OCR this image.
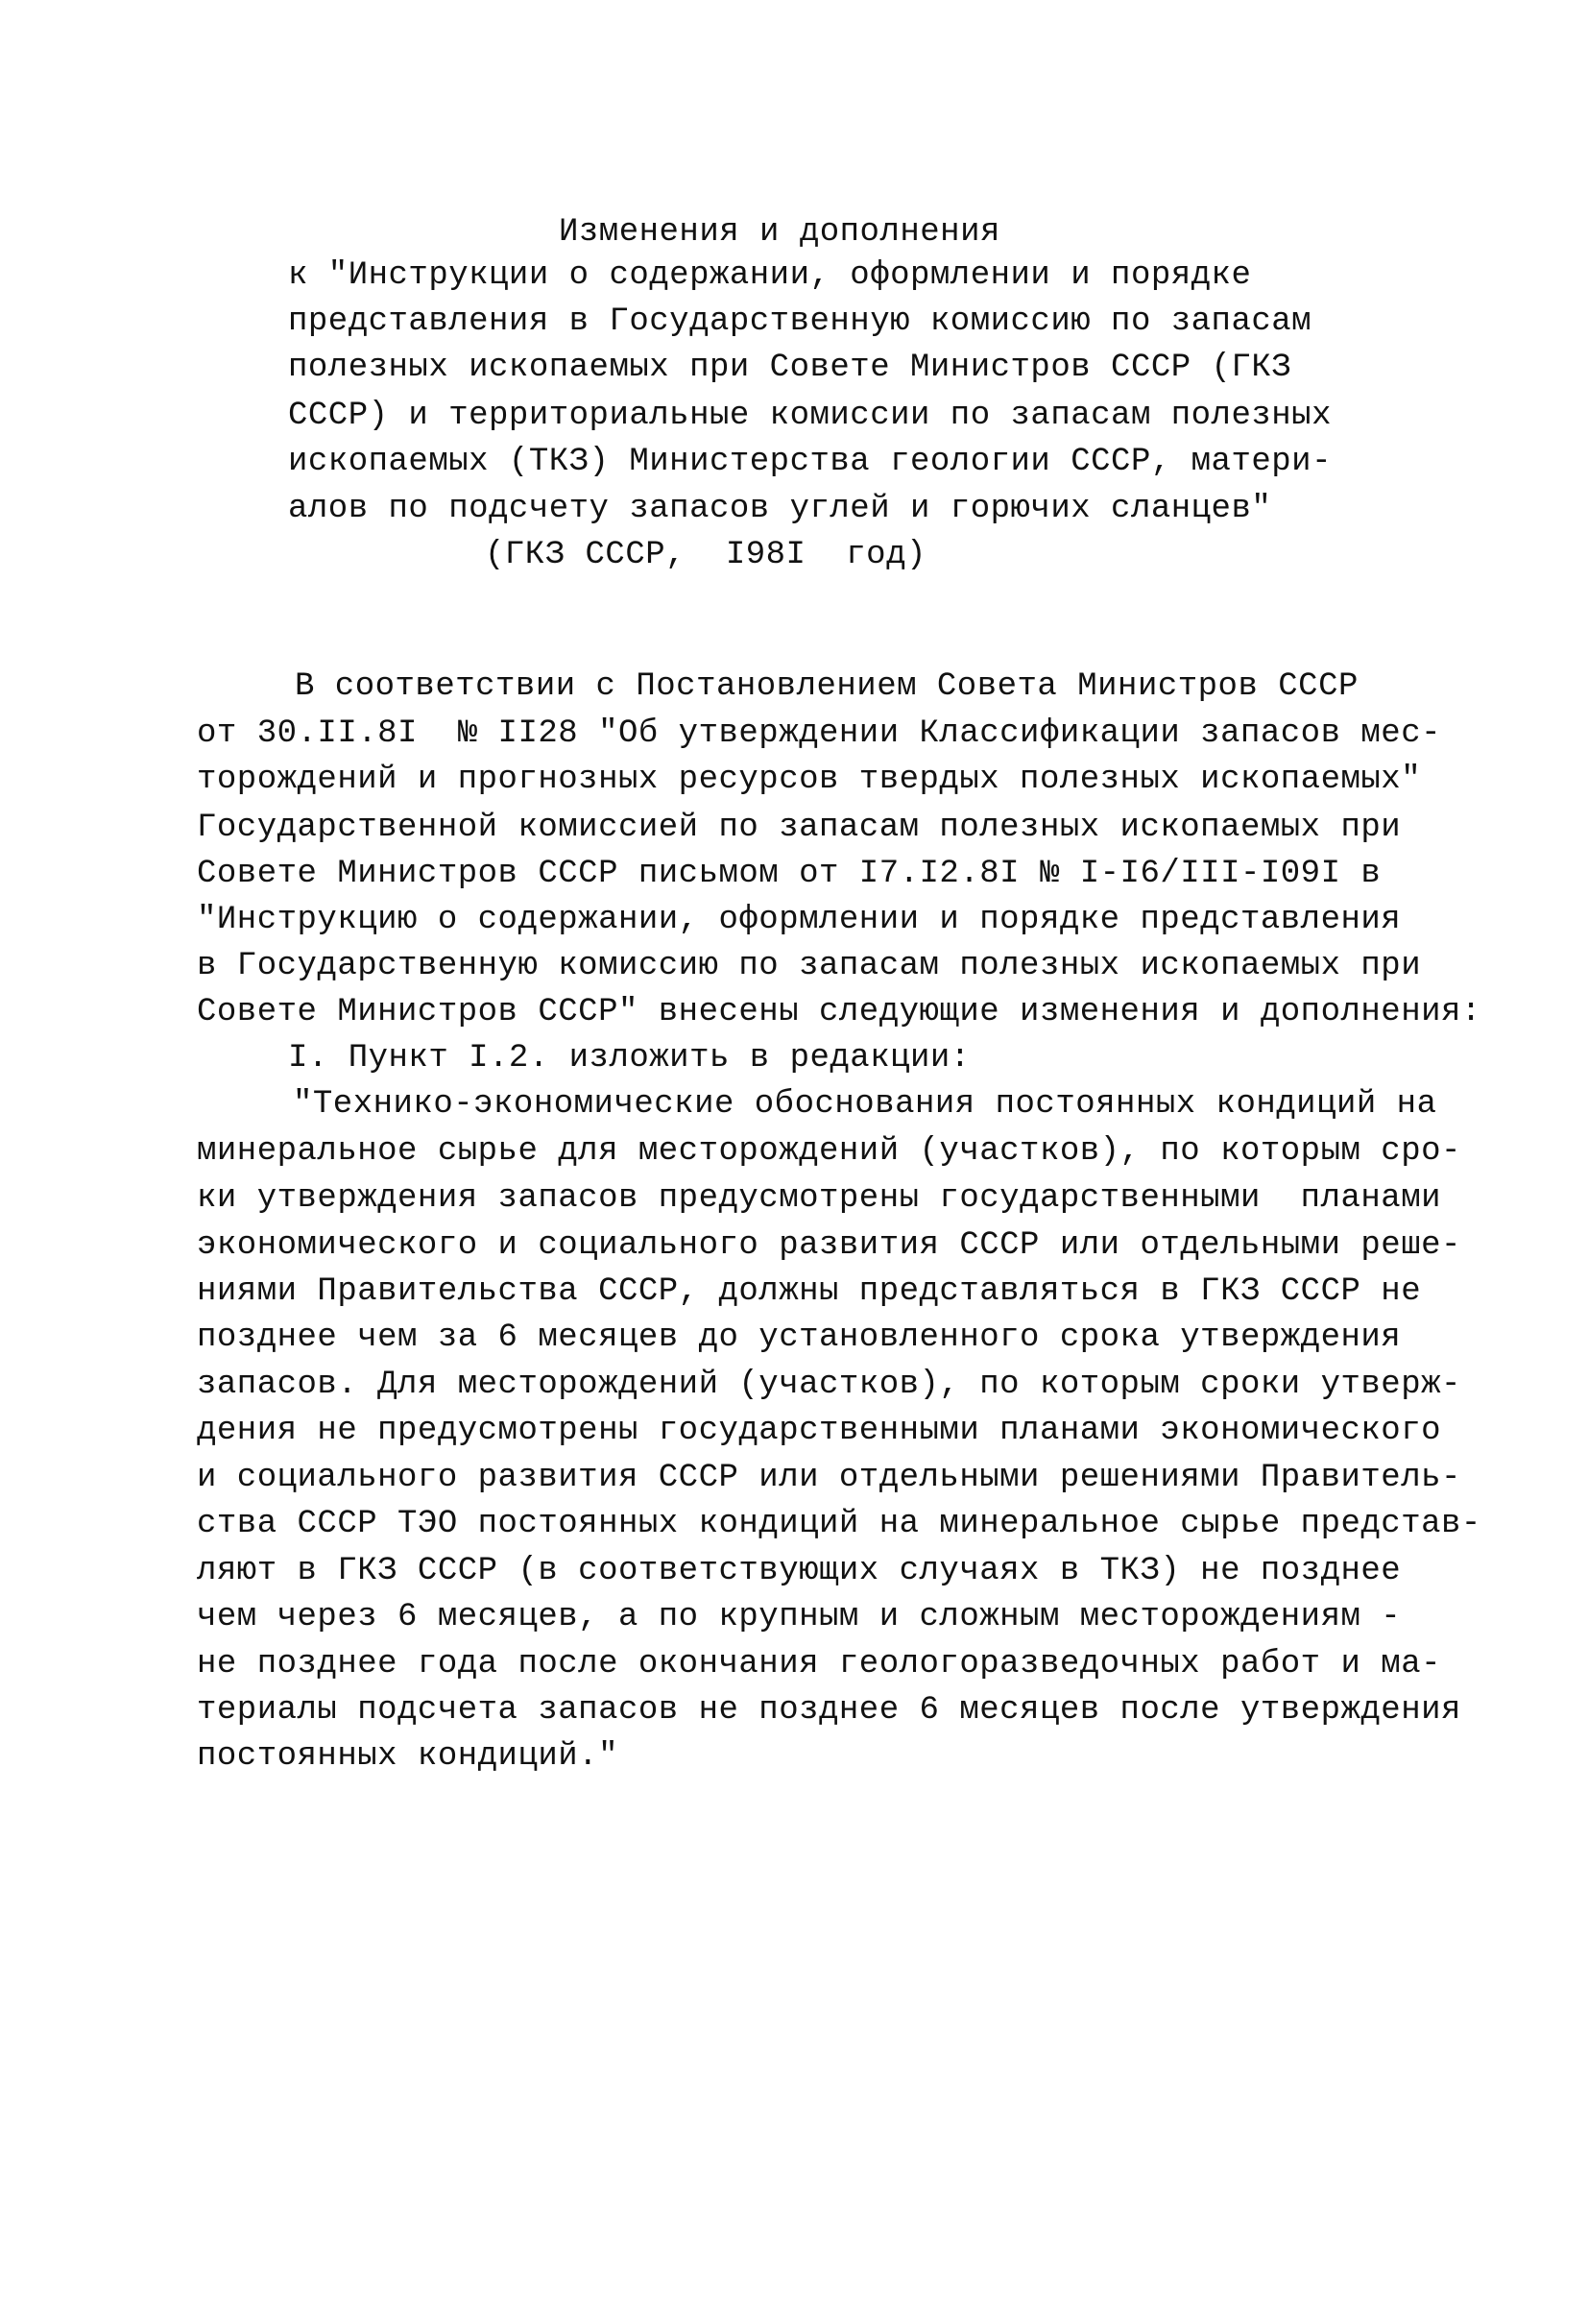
Изменения и дополнения
к "Инструкции о содержании, оформлении и порядке
представления в Государственную комиссию по запасам
полезных ископаемых при Совете Министров СССР (ГКЗ
СССР) и территориальные комиссии по запасам полезных
ископаемых (ТКЗ) Министерства геологии СССР, матери-
алов по подсчету запасов углей и горючих сланцев"
(ГКЗ СССР,  I98I  год)
В соответствии с Постановлением Совета Министров СССР
от 30.II.8I  № II28 "Об утверждении Классификации запасов мес-
торождений и прогнозных ресурсов твердых полезных ископаемых"
Государственной комиссией по запасам полезных ископаемых при
Совете Министров СССР письмом от I7.I2.8I № I-I6/III-I09I в
"Инструкцию о содержании, оформлении и порядке представления
в Государственную комиссию по запасам полезных ископаемых при
Совете Министров СССР" внесены следующие изменения и дополнения:
I. Пункт I.2. изложить в редакции:
"Технико-экономические обоснования постоянных кондиций на
минеральное сырье для месторождений (участков), по которым сро-
ки утверждения запасов предусмотрены государственными  планами
экономического и социального развития СССР или отдельными реше-
ниями Правительства СССР, должны представляться в ГКЗ СССР не
позднее чем за 6 месяцев до установленного срока утверждения
запасов. Для месторождений (участков), по которым сроки утверж-
дения не предусмотрены государственными планами экономического
и социального развития СССР или отдельными решениями Правитель-
ства СССР ТЭО постоянных кондиций на минеральное сырье представ-
ляют в ГКЗ СССР (в соответствующих случаях в ТКЗ) не позднее
чем через 6 месяцев, а по крупным и сложным месторождениям -
не позднее года после окончания геологоразведочных работ и ма-
териалы подсчета запасов не позднее 6 месяцев после утверждения
постоянных кондиций."
